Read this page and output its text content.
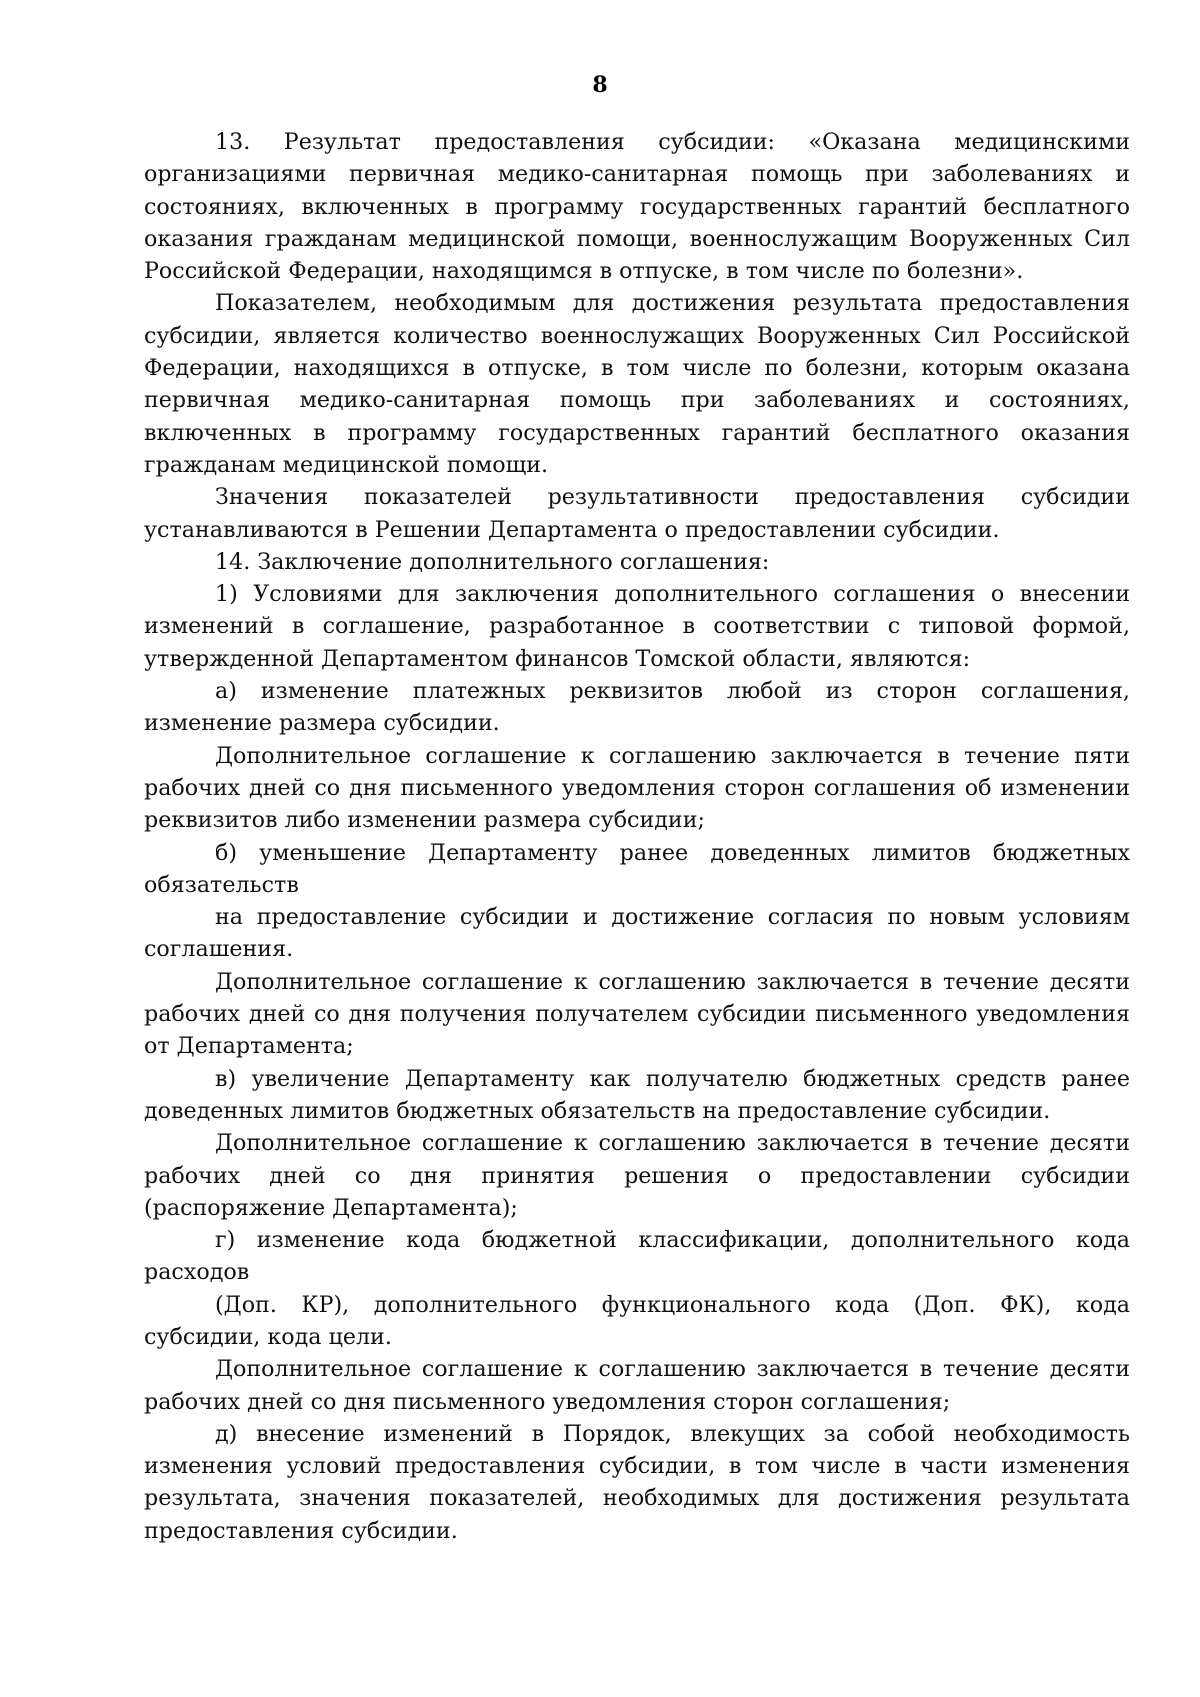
8

13. Результат предоставления субсидии: «Оказана медицинскими организациями первичная медико-санитарная помощь при заболеваниях и состояниях, включенных в программу государственных гарантий бесплатного оказания гражданам медицинской помощи, военнослужащим Вооруженных Сил Российской Федерации, находящимся в отпуске, в том числе по болезни».

Показателем, необходимым для достижения результата предоставления субсидии, является количество военнослужащих Вооруженных Сил Российской Федерации, находящихся в отпуске, в том числе по болезни, которым оказана первичная медико-санитарная помощь при заболеваниях и состояниях, включенных в программу государственных гарантий бесплатного оказания гражданам медицинской помощи.

Значения показателей результативности предоставления субсидии устанавливаются в Решении Департамента о предоставлении субсидии.

14. Заключение дополнительного соглашения:

1) Условиями для заключения дополнительного соглашения о внесении изменений в соглашение, разработанное в соответствии с типовой формой, утвержденной Департаментом финансов Томской области, являются:

а) изменение платежных реквизитов любой из сторон соглашения, изменение размера субсидии.

Дополнительное соглашение к соглашению заключается в течение пяти рабочих дней со дня письменного уведомления сторон соглашения об изменении реквизитов либо изменении размера субсидии;

б) уменьшение Департаменту ранее доведенных лимитов бюджетных обязательств

на предоставление субсидии и достижение согласия по новым условиям соглашения.

Дополнительное соглашение к соглашению заключается в течение десяти рабочих дней со дня получения получателем субсидии письменного уведомления от Департамента;

в) увеличение Департаменту как получателю бюджетных средств ранее доведенных лимитов бюджетных обязательств на предоставление субсидии.

Дополнительное соглашение к соглашению заключается в течение десяти рабочих дней со дня принятия решения о предоставлении субсидии (распоряжение Департамента);

г) изменение кода бюджетной классификации, дополнительного кода расходов

(Доп. КР), дополнительного функционального кода (Доп. ФК), кода субсидии, кода цели.

Дополнительное соглашение к соглашению заключается в течение десяти рабочих дней со дня письменного уведомления сторон соглашения;

д) внесение изменений в Порядок, влекущих за собой необходимость изменения условий предоставления субсидии, в том числе в части изменения результата, значения показателей, необходимых для достижения результата предоставления субсидии.
